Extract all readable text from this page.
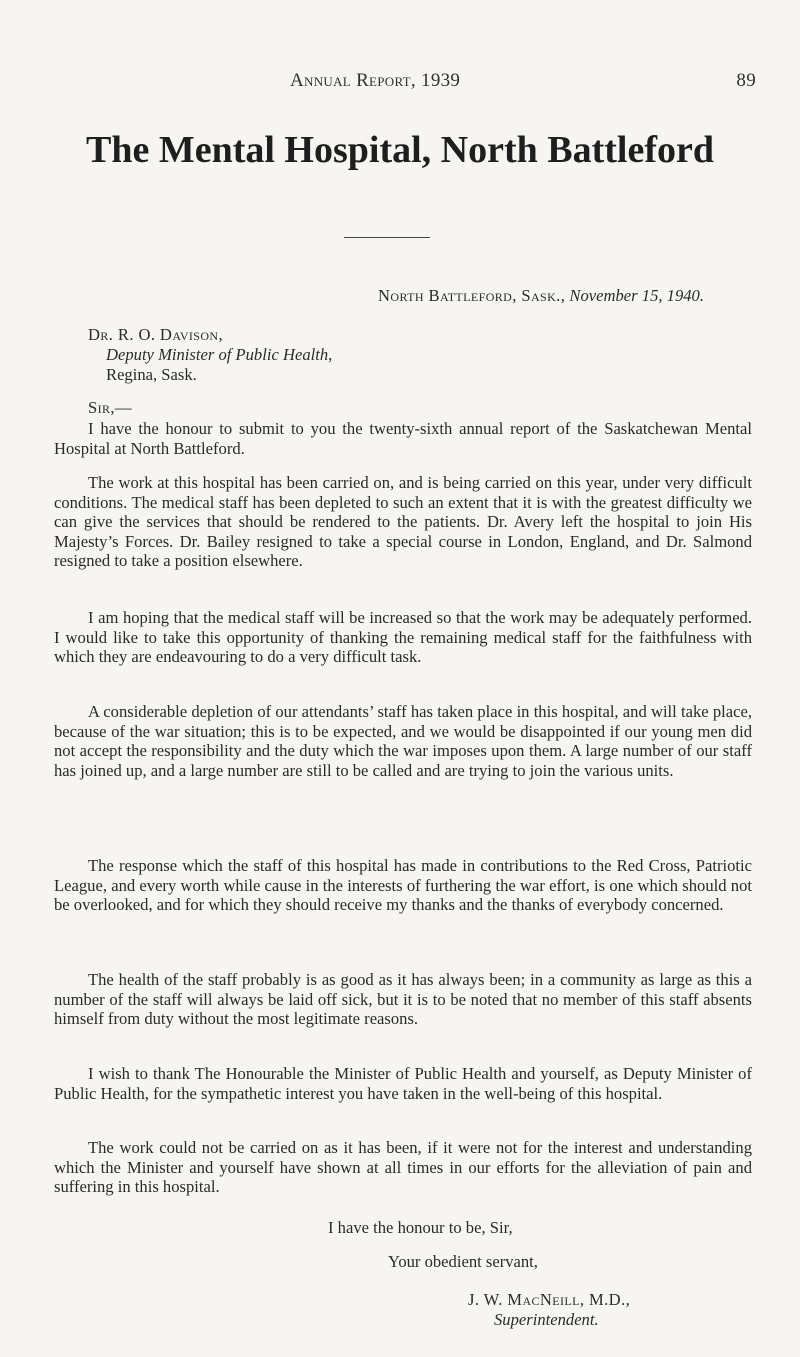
Annual Report, 1939	89
The Mental Hospital, North Battleford
North Battleford, Sask., November 15, 1940.
Dr. R. O. Davison,
Deputy Minister of Public Health,
Regina, Sask.
Sir,—

I have the honour to submit to you the twenty-sixth annual report of the Saskatchewan Mental Hospital at North Battleford.

The work at this hospital has been carried on, and is being carried on this year, under very difficult conditions. The medical staff has been depleted to such an extent that it is with the greatest difficulty we can give the services that should be rendered to the patients. Dr. Avery left the hospital to join His Majesty’s Forces. Dr. Bailey resigned to take a special course in London, England, and Dr. Salmond resigned to take a position elsewhere.

I am hoping that the medical staff will be increased so that the work may be adequately performed. I would like to take this opportunity of thanking the remaining medical staff for the faithfulness with which they are endeavouring to do a very difficult task.

A considerable depletion of our attendants’ staff has taken place in this hospital, and will take place, because of the war situation; this is to be expected, and we would be disappointed if our young men did not accept the responsibility and the duty which the war imposes upon them. A large number of our staff has joined up, and a large number are still to be called and are trying to join the various units.

The response which the staff of this hospital has made in contributions to the Red Cross, Patriotic League, and every worth while cause in the interests of furthering the war effort, is one which should not be overlooked, and for which they should receive my thanks and the thanks of everybody concerned.

The health of the staff probably is as good as it has always been; in a community as large as this a number of the staff will always be laid off sick, but it is to be noted that no member of this staff absents himself from duty without the most legitimate reasons.

I wish to thank The Honourable the Minister of Public Health and yourself, as Deputy Minister of Public Health, for the sympathetic interest you have taken in the well-being of this hospital.

The work could not be carried on as it has been, if it were not for the interest and understanding which the Minister and yourself have shown at all times in our efforts for the alleviation of pain and suffering in this hospital.

I have the honour to be, Sir,
Your obedient servant,
J. W. MacNeill, M.D.,
Superintendent.
